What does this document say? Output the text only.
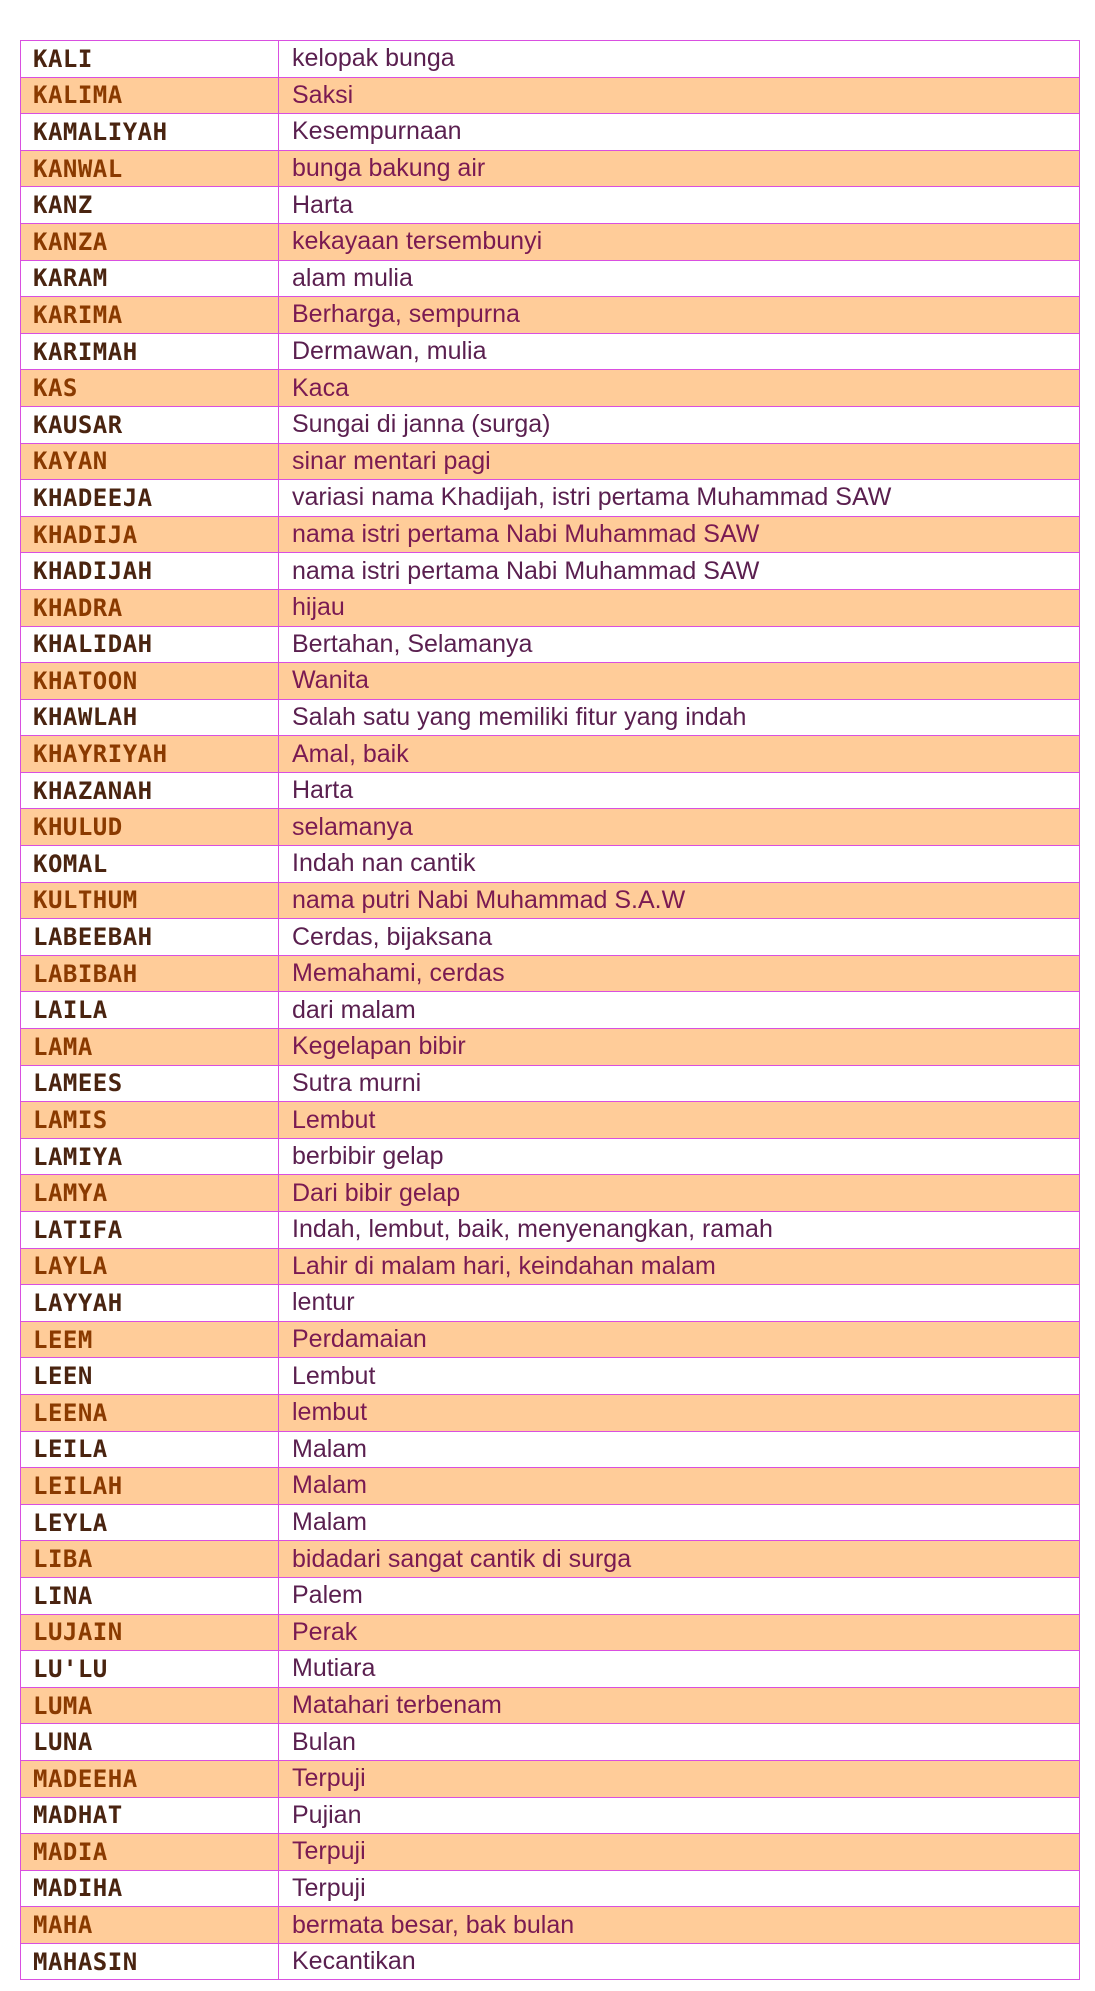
KALI	kelopak bunga
KALIMA	Saksi
KAMALIYAH	Kesempurnaan
KANWAL	bunga bakung air
KANZ	Harta
KANZA	kekayaan tersembunyi
KARAM	alam mulia
KARIMA	Berharga, sempurna
KARIMAH	Dermawan, mulia
KAS	Kaca
KAUSAR	Sungai di janna (surga)
KAYAN	sinar mentari pagi
KHADEEJA	variasi nama Khadijah, istri pertama Muhammad SAW
KHADIJA	nama istri pertama Nabi Muhammad SAW
KHADIJAH	nama istri pertama Nabi Muhammad SAW
KHADRA	hijau
KHALIDAH	Bertahan, Selamanya
KHATOON	Wanita
KHAWLAH	Salah satu yang memiliki fitur yang indah
KHAYRIYAH	Amal, baik
KHAZANAH	Harta
KHULUD	selamanya
KOMAL	Indah nan cantik
KULTHUM	nama putri Nabi Muhammad S.A.W
LABEEBAH	Cerdas, bijaksana
LABIBAH	Memahami, cerdas
LAILA	dari malam
LAMA	Kegelapan bibir
LAMEES	Sutra murni
LAMIS	Lembut
LAMIYA	berbibir gelap
LAMYA	Dari bibir gelap
LATIFA	Indah, lembut, baik, menyenangkan, ramah
LAYLA	Lahir di malam hari, keindahan malam
LAYYAH	lentur
LEEM	Perdamaian
LEEN	Lembut
LEENA	lembut
LEILA	Malam
LEILAH	Malam
LEYLA	Malam
LIBA	bidadari sangat cantik di surga
LINA	Palem
LUJAIN	Perak
LU'LU	Mutiara
LUMA	Matahari terbenam
LUNA	Bulan
MADEEHA	Terpuji
MADHAT	Pujian
MADIA	Terpuji
MADIHA	Terpuji
MAHA	bermata besar, bak bulan
MAHASIN	Kecantikan
